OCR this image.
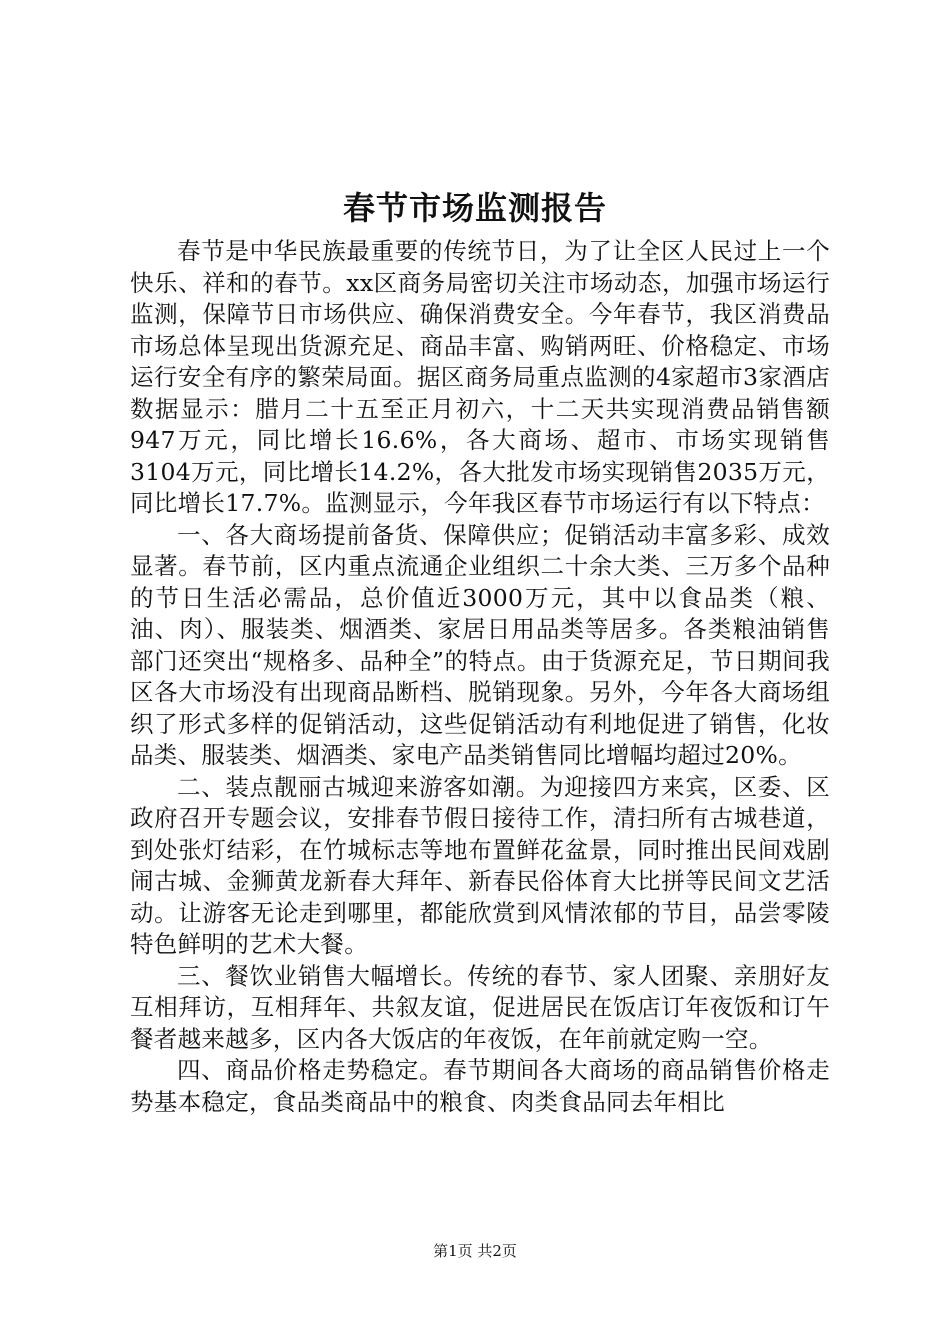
春节市场监测报告

春节是中华民族最重要的传统节日，为了让全区人民过上一个快乐、祥和的春节。xx区商务局密切关注市场动态，加强市场运行监测，保障节日市场供应、确保消费安全。今年春节，我区消费品市场总体呈现出货源充足、商品丰富、购销两旺、价格稳定、市场运行安全有序的繁荣局面。据区商务局重点监测的4家超市3家酒店数据显示：腊月二十五至正月初六，十二天共实现消费品销售额947万元，同比增长16.6%，各大商场、超市、市场实现销售3104万元，同比增长14.2%，各大批发市场实现销售2035万元，同比增长17.7%。监测显示，今年我区春节市场运行有以下特点：

一、各大商场提前备货、保障供应；促销活动丰富多彩、成效显著。春节前，区内重点流通企业组织二十余大类、三万多个品种的节日生活必需品，总价值近3000万元，其中以食品类（粮、油、肉）、服装类、烟酒类、家居日用品类等居多。各类粮油销售部门还突出“规格多、品种全”的特点。由于货源充足，节日期间我区各大市场没有出现商品断档、脱销现象。另外，今年各大商场组织了形式多样的促销活动，这些促销活动有利地促进了销售，化妆品类、服装类、烟酒类、家电产品类销售同比增幅均超过20%。

二、装点靓丽古城迎来游客如潮。为迎接四方来宾，区委、区政府召开专题会议，安排春节假日接待工作，清扫所有古城巷道，到处张灯结彩，在竹城标志等地布置鲜花盆景，同时推出民间戏剧闹古城、金狮黄龙新春大拜年、新春民俗体育大比拼等民间文艺活动。让游客无论走到哪里，都能欣赏到风情浓郁的节目，品尝零陵特色鲜明的艺术大餐。

三、餐饮业销售大幅增长。传统的春节、家人团聚、亲朋好友互相拜访，互相拜年、共叙友谊，促进居民在饭店订年夜饭和订午餐者越来越多，区内各大饭店的年夜饭，在年前就定购一空。

四、商品价格走势稳定。春节期间各大商场的商品销售价格走势基本稳定，食品类商品中的粮食、肉类食品同去年相比

第1页 共2页
